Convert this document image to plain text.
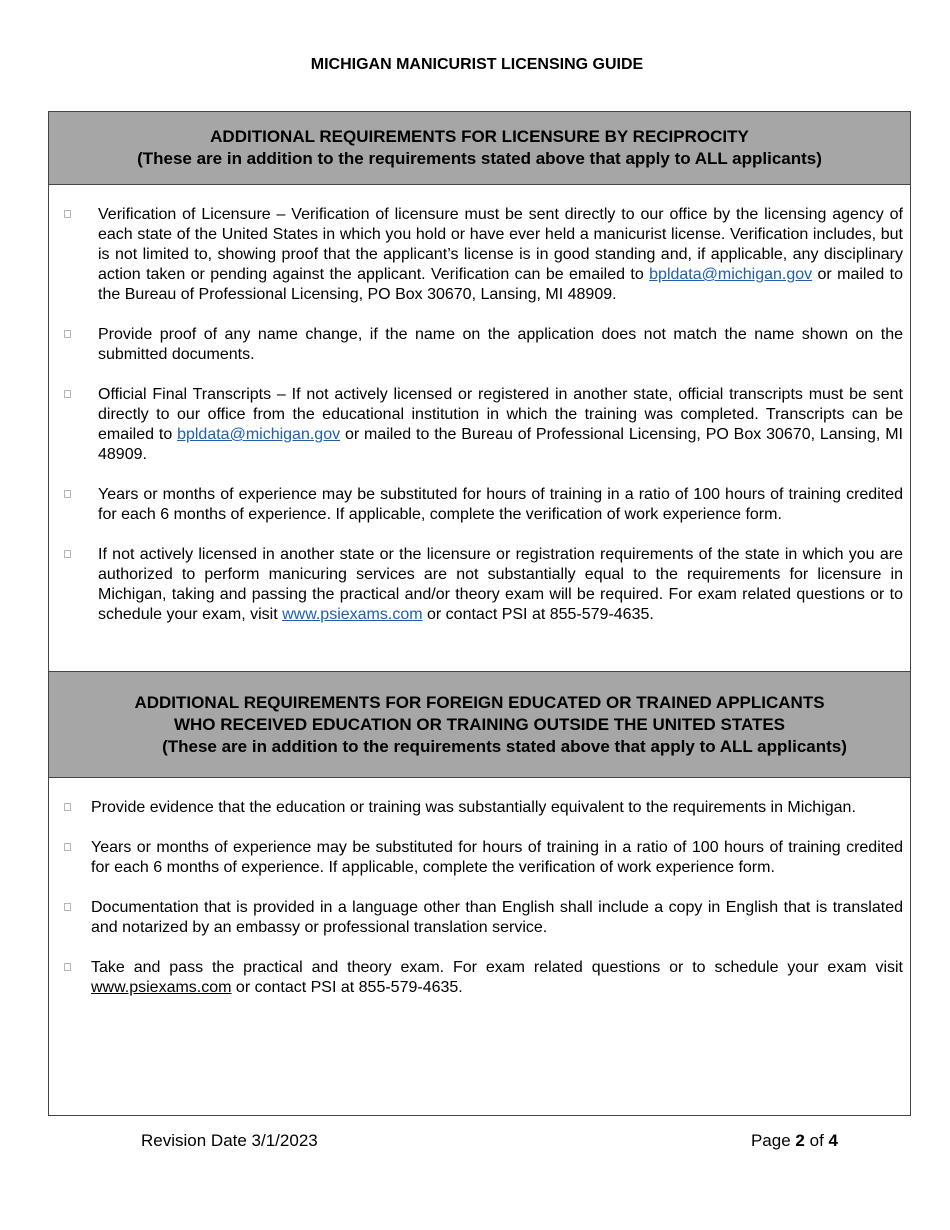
MICHIGAN MANICURIST LICENSING GUIDE
ADDITIONAL REQUIREMENTS FOR LICENSURE BY RECIPROCITY
(These are in addition to the requirements stated above that apply to ALL applicants)
Verification of Licensure – Verification of licensure must be sent directly to our office by the licensing agency of each state of the United States in which you hold or have ever held a manicurist license. Verification includes, but is not limited to, showing proof that the applicant’s license is in good standing and, if applicable, any disciplinary action taken or pending against the applicant. Verification can be emailed to bpldata@michigan.gov or mailed to the Bureau of Professional Licensing, PO Box 30670, Lansing, MI 48909.
Provide proof of any name change, if the name on the application does not match the name shown on the submitted documents.
Official Final Transcripts – If not actively licensed or registered in another state, official transcripts must be sent directly to our office from the educational institution in which the training was completed. Transcripts can be emailed to bpldata@michigan.gov or mailed to the Bureau of Professional Licensing, PO Box 30670, Lansing, MI 48909.
Years or months of experience may be substituted for hours of training in a ratio of 100 hours of training credited for each 6 months of experience. If applicable, complete the verification of work experience form.
If not actively licensed in another state or the licensure or registration requirements of the state in which you are authorized to perform manicuring services are not substantially equal to the requirements for licensure in Michigan, taking and passing the practical and/or theory exam will be required. For exam related questions or to schedule your exam, visit www.psiexams.com or contact PSI at 855-579-4635.
ADDITIONAL REQUIREMENTS FOR FOREIGN EDUCATED OR TRAINED APPLICANTS
WHO RECEIVED EDUCATION OR TRAINING OUTSIDE THE UNITED STATES
(These are in addition to the requirements stated above that apply to ALL applicants)
Provide evidence that the education or training was substantially equivalent to the requirements in Michigan.
Years or months of experience may be substituted for hours of training in a ratio of 100 hours of training credited for each 6 months of experience. If applicable, complete the verification of work experience form.
Documentation that is provided in a language other than English shall include a copy in English that is translated and notarized by an embassy or professional translation service.
Take and pass the practical and theory exam. For exam related questions or to schedule your exam visit www.psiexams.com or contact PSI at 855-579-4635.
Revision Date 3/1/2023	Page 2 of 4
